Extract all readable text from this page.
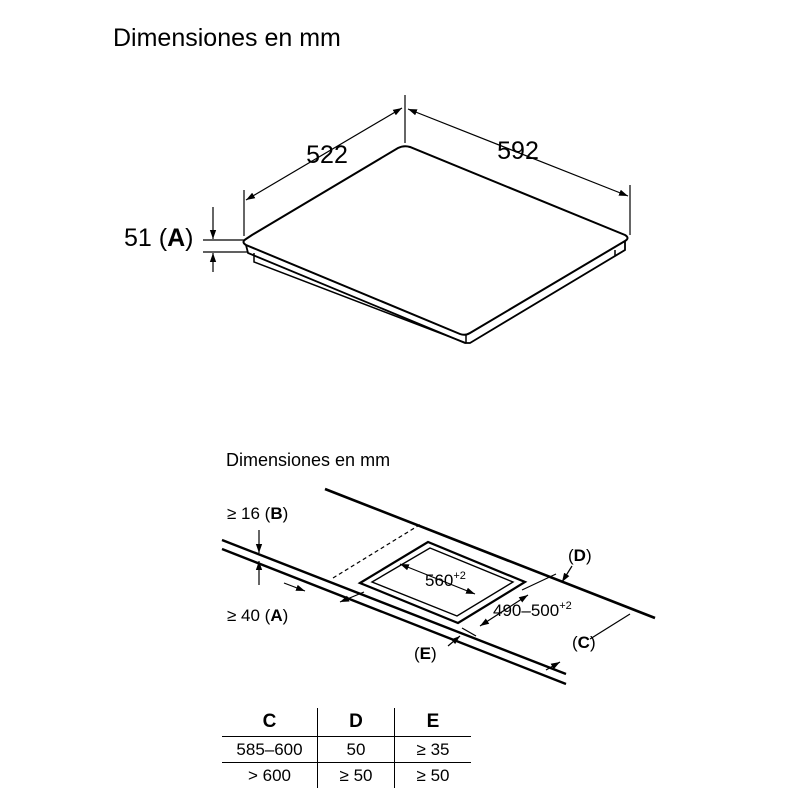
Dimensiones en mm
522	592
51 (A)
$560^{+2}$
$490-500^{+2}$
≥ 16 (B)
≥ 40 (A)
(D)
(C)
(E)
Dimensiones en mm
C	D	E
585–600	50	≥ 35
> 600	≥ 50	≥ 50
